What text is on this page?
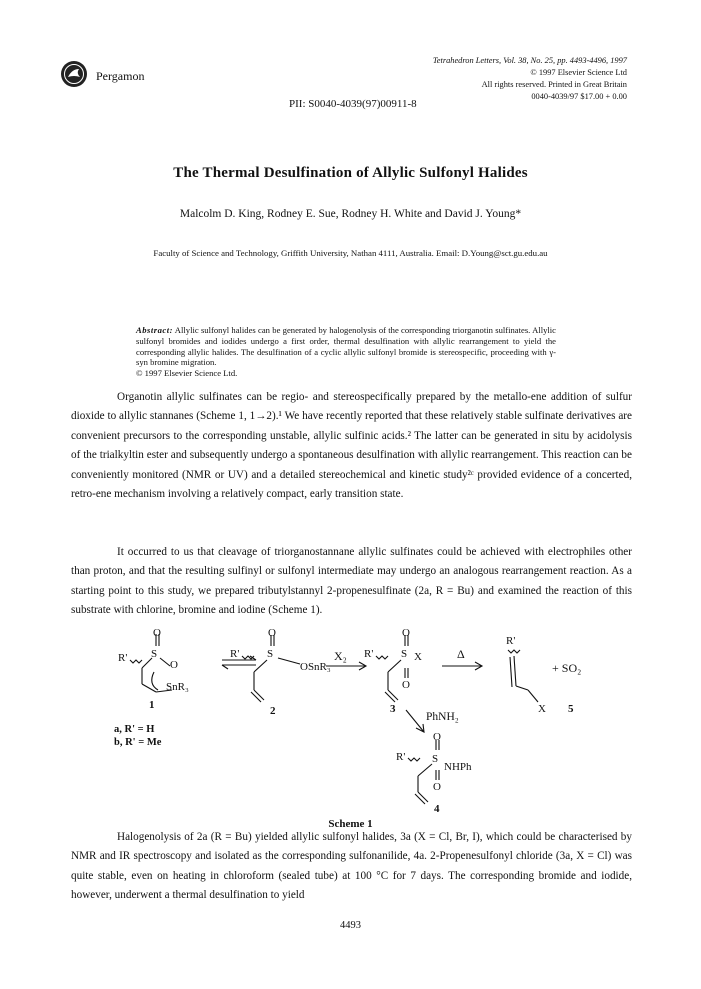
Pergamon
Tetrahedron Letters, Vol. 38, No. 25, pp. 4493-4496, 1997
© 1997 Elsevier Science Ltd
All rights reserved. Printed in Great Britain
0040-4039/97 $17.00 + 0.00
PII: S0040-4039(97)00911-8
The Thermal Desulfination of Allylic Sulfonyl Halides
Malcolm D. King, Rodney E. Sue, Rodney H. White and David J. Young*
Faculty of Science and Technology, Griffith University, Nathan 4111, Australia. Email: D.Young@sct.gu.edu.au
Abstract: Allylic sulfonyl halides can be generated by halogenolysis of the corresponding triorganotin sulfinates. Allylic sulfonyl bromides and iodides undergo a first order, thermal desulfination with allylic rearrangement to yield the corresponding allylic halides. The desulfination of a cyclic allylic sulfonyl bromide is stereospecific, proceeding with γ-syn bromine migration.
© 1997 Elsevier Science Ltd.

Organotin allylic sulfinates can be regio- and stereospecifically prepared by the metallo-ene addition of sulfur dioxide to allylic stannanes (Scheme 1, 1→2).¹ We have recently reported that these relatively stable sulfinate derivatives are convenient precursors to the corresponding unstable, allylic sulfinic acids.² The latter can be generated in situ by acidolysis of the trialkyltin ester and subsequently undergo a spontaneous desulfination with allylic rearrangement. This reaction can be conveniently monitored (NMR or UV) and a detailed stereochemical and kinetic study²ᶜ provided evidence of a concerted, retro-ene mechanism involving a relatively compact, early transition state.

It occurred to us that cleavage of triorganostannane allylic sulfinates could be achieved with electrophiles other than proton, and that the resulting sulfinyl or sulfonyl intermediate may undergo an analogous rearrangement reaction. As a starting point to this study, we prepared tributylstannyl 2-propenesulfinate (2a, R = Bu) and examined the reaction of this substrate with chlorine, bromine and iodine (Scheme 1).

O
S
R'
O
SnR₃
1
a, R' = H
b, R' = Me
O
S
R'
OSnR₃
2
X₂
O
S
R'	X
O
3
Δ
R'
X
+ SO₂
5
PhNH₂
O
S
R'
NHPh
O
4
Scheme 1

Halogenolysis of 2a (R = Bu) yielded allylic sulfonyl halides, 3a (X = Cl, Br, I), which could be characterised by NMR and IR spectroscopy and isolated as the corresponding sulfonanilide, 4a. 2-Propenesulfonyl chloride (3a, X = Cl) was quite stable, even on heating in chloroform (sealed tube) at 100 °C for 7 days. The corresponding bromide and iodide, however, underwent a thermal desulfination to yield

4493
